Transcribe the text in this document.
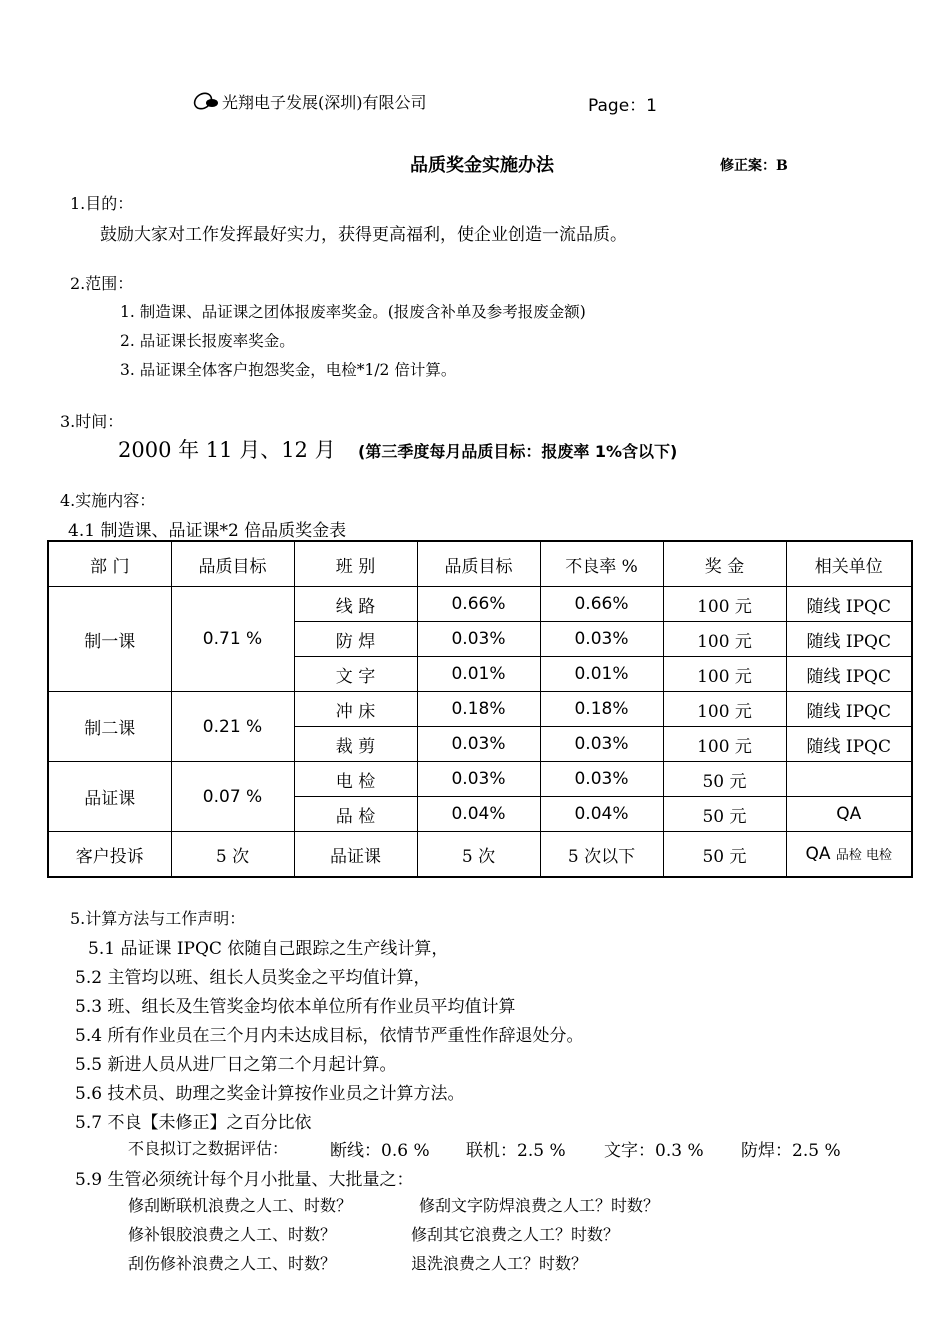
光翔电子发展(深圳)有限公司	Page：1
品质奖金实施办法	修正案：B
1.目的：
鼓励大家对工作发挥最好实力，获得更高福利，使企业创造一流品质。
2.范围：
1. 制造课、品证课之团体报废率奖金。(报废含补单及参考报废金额)
2. 品证课长报废率奖金。
3. 品证课全体客户抱怨奖金，电检*1/2 倍计算。
3.时间：
2000 年 11 月、12 月 (第三季度每月品质目标：报废率 1%含以下)
4.实施内容：
4.1 制造课、品证课*2 倍品质奖金表
部 门	品质目标	班 别	品质目标	不良率 %	奖 金	相关单位
制一课	0.71 %	线 路	0.66%	0.66%	100 元	随线 IPQC
		防 焊	0.03%	0.03%	100 元	随线 IPQC
		文 字	0.01%	0.01%	100 元	随线 IPQC
制二课	0.21 %	冲 床	0.18%	0.18%	100 元	随线 IPQC
		裁 剪	0.03%	0.03%	100 元	随线 IPQC
品证课	0.07 %	电 检	0.03%	0.03%	50 元	
		品 检	0.04%	0.04%	50 元	QA
客户投诉	5 次	品证课	5 次	5 次以下	50 元	QA 品检 电检
5.计算方法与工作声明：
5.1 品证课 IPQC 依随自己跟踪之生产线计算，
5.2 主管均以班、组长人员奖金之平均值计算，
5.3 班、组长及生管奖金均依本单位所有作业员平均值计算
5.4 所有作业员在三个月内未达成目标，依情节严重性作辞退处分。
5.5 新进人员从进厂日之第二个月起计算。
5.6 技术员、助理之奖金计算按作业员之计算方法。
5.7 不良【未修正】之百分比依
不良拟订之数据评估： 断线：0.6 % 联机：2.5 % 文字：0.3 % 防焊：2.5 %
5.9 生管必须统计每个月小批量、大批量之：
修刮断联机浪费之人工、时数？	修刮文字防焊浪费之人工？时数？
修补银胶浪费之人工、时数？	修刮其它浪费之人工？时数？
刮伤修补浪费之人工、时数？	退洗浪费之人工？时数？
